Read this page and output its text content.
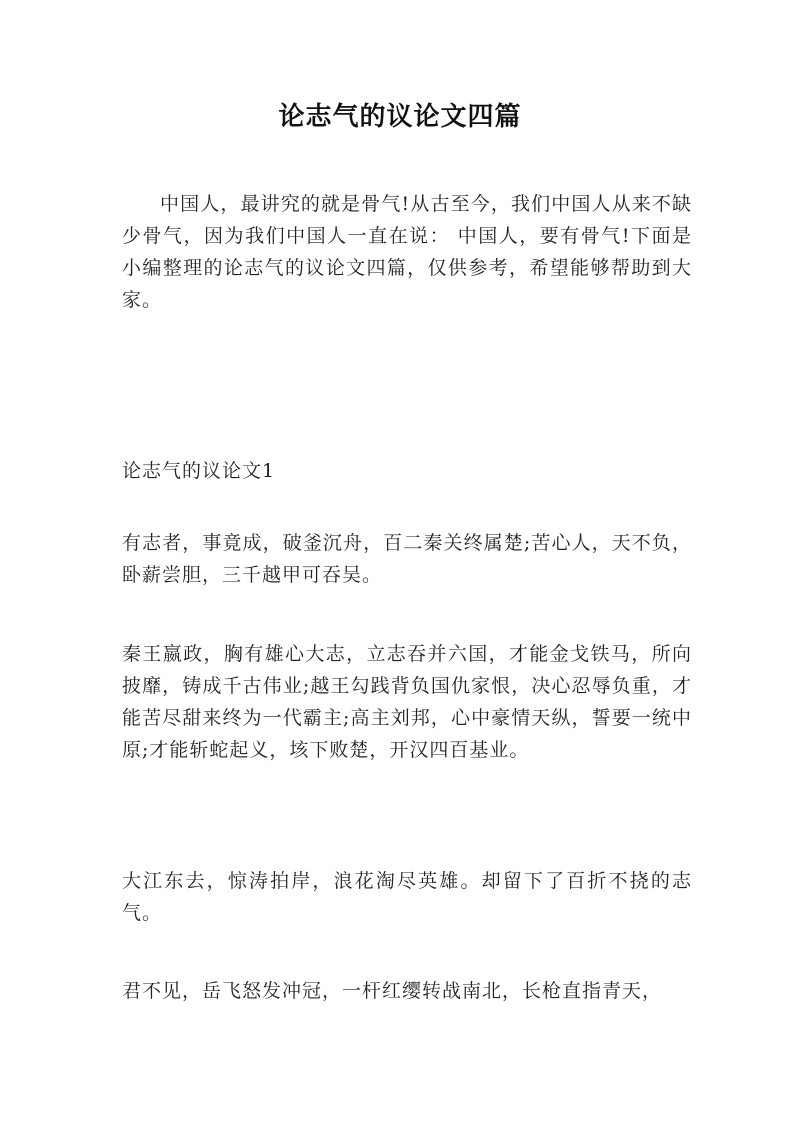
论志气的议论文四篇

中国人，最讲究的就是骨气!从古至今，我们中国人从来不缺少骨气，因为我们中国人一直在说： 中国人，要有骨气!下面是小编整理的论志气的议论文四篇，仅供参考，希望能够帮助到大家。

论志气的议论文1

有志者，事竟成，破釜沉舟，百二秦关终属楚;苦心人，天不负，卧薪尝胆，三千越甲可吞吴。

秦王嬴政，胸有雄心大志，立志吞并六国，才能金戈铁马，所向披靡，铸成千古伟业;越王勾践背负国仇家恨，决心忍辱负重，才能苦尽甜来终为一代霸主;高主刘邦，心中豪情天纵，誓要一统中原;才能斩蛇起义，垓下败楚，开汉四百基业。

大江东去，惊涛拍岸，浪花淘尽英雄。却留下了百折不挠的志气。

君不见，岳飞怒发冲冠，一杆红缨转战南北，长枪直指青天，
